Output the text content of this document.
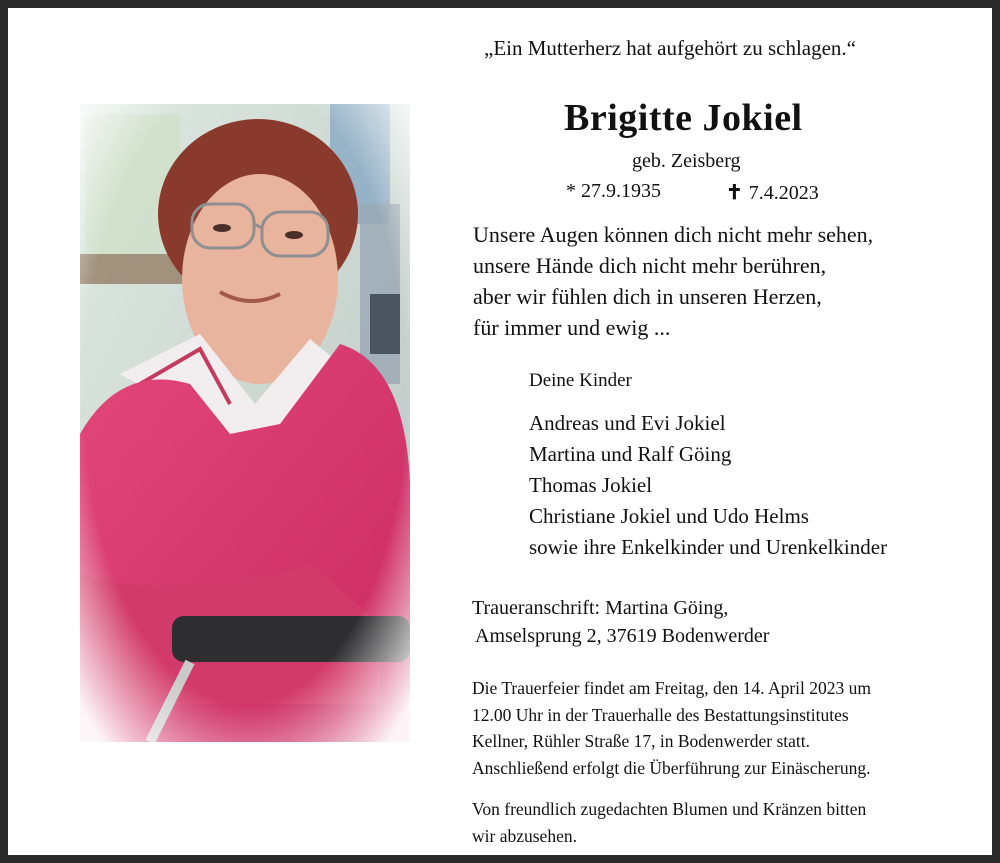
„Ein Mutterherz hat aufgehört zu schlagen.“
Brigitte Jokiel
geb. Zeisberg
* 27.9.1935	✝ 7.4.2023
Unsere Augen können dich nicht mehr sehen,
unsere Hände dich nicht mehr berühren,
aber wir fühlen dich in unseren Herzen,
für immer und ewig ...
Deine Kinder
Andreas und Evi Jokiel
Martina und Ralf Göing
Thomas Jokiel
Christiane Jokiel und Udo Helms
sowie ihre Enkelkinder und Urenkelkinder
Traueranschrift: Martina Göing,
Amselsprung 2, 37619 Bodenwerder
Die Trauerfeier findet am Freitag, den 14. April 2023 um
12.00 Uhr in der Trauerhalle des Bestattungsinstitutes
Kellner, Rühler Straße 17, in Bodenwerder statt.
Anschließend erfolgt die Überführung zur Einäscherung.
Von freundlich zugedachten Blumen und Kränzen bitten
wir abzusehen.
